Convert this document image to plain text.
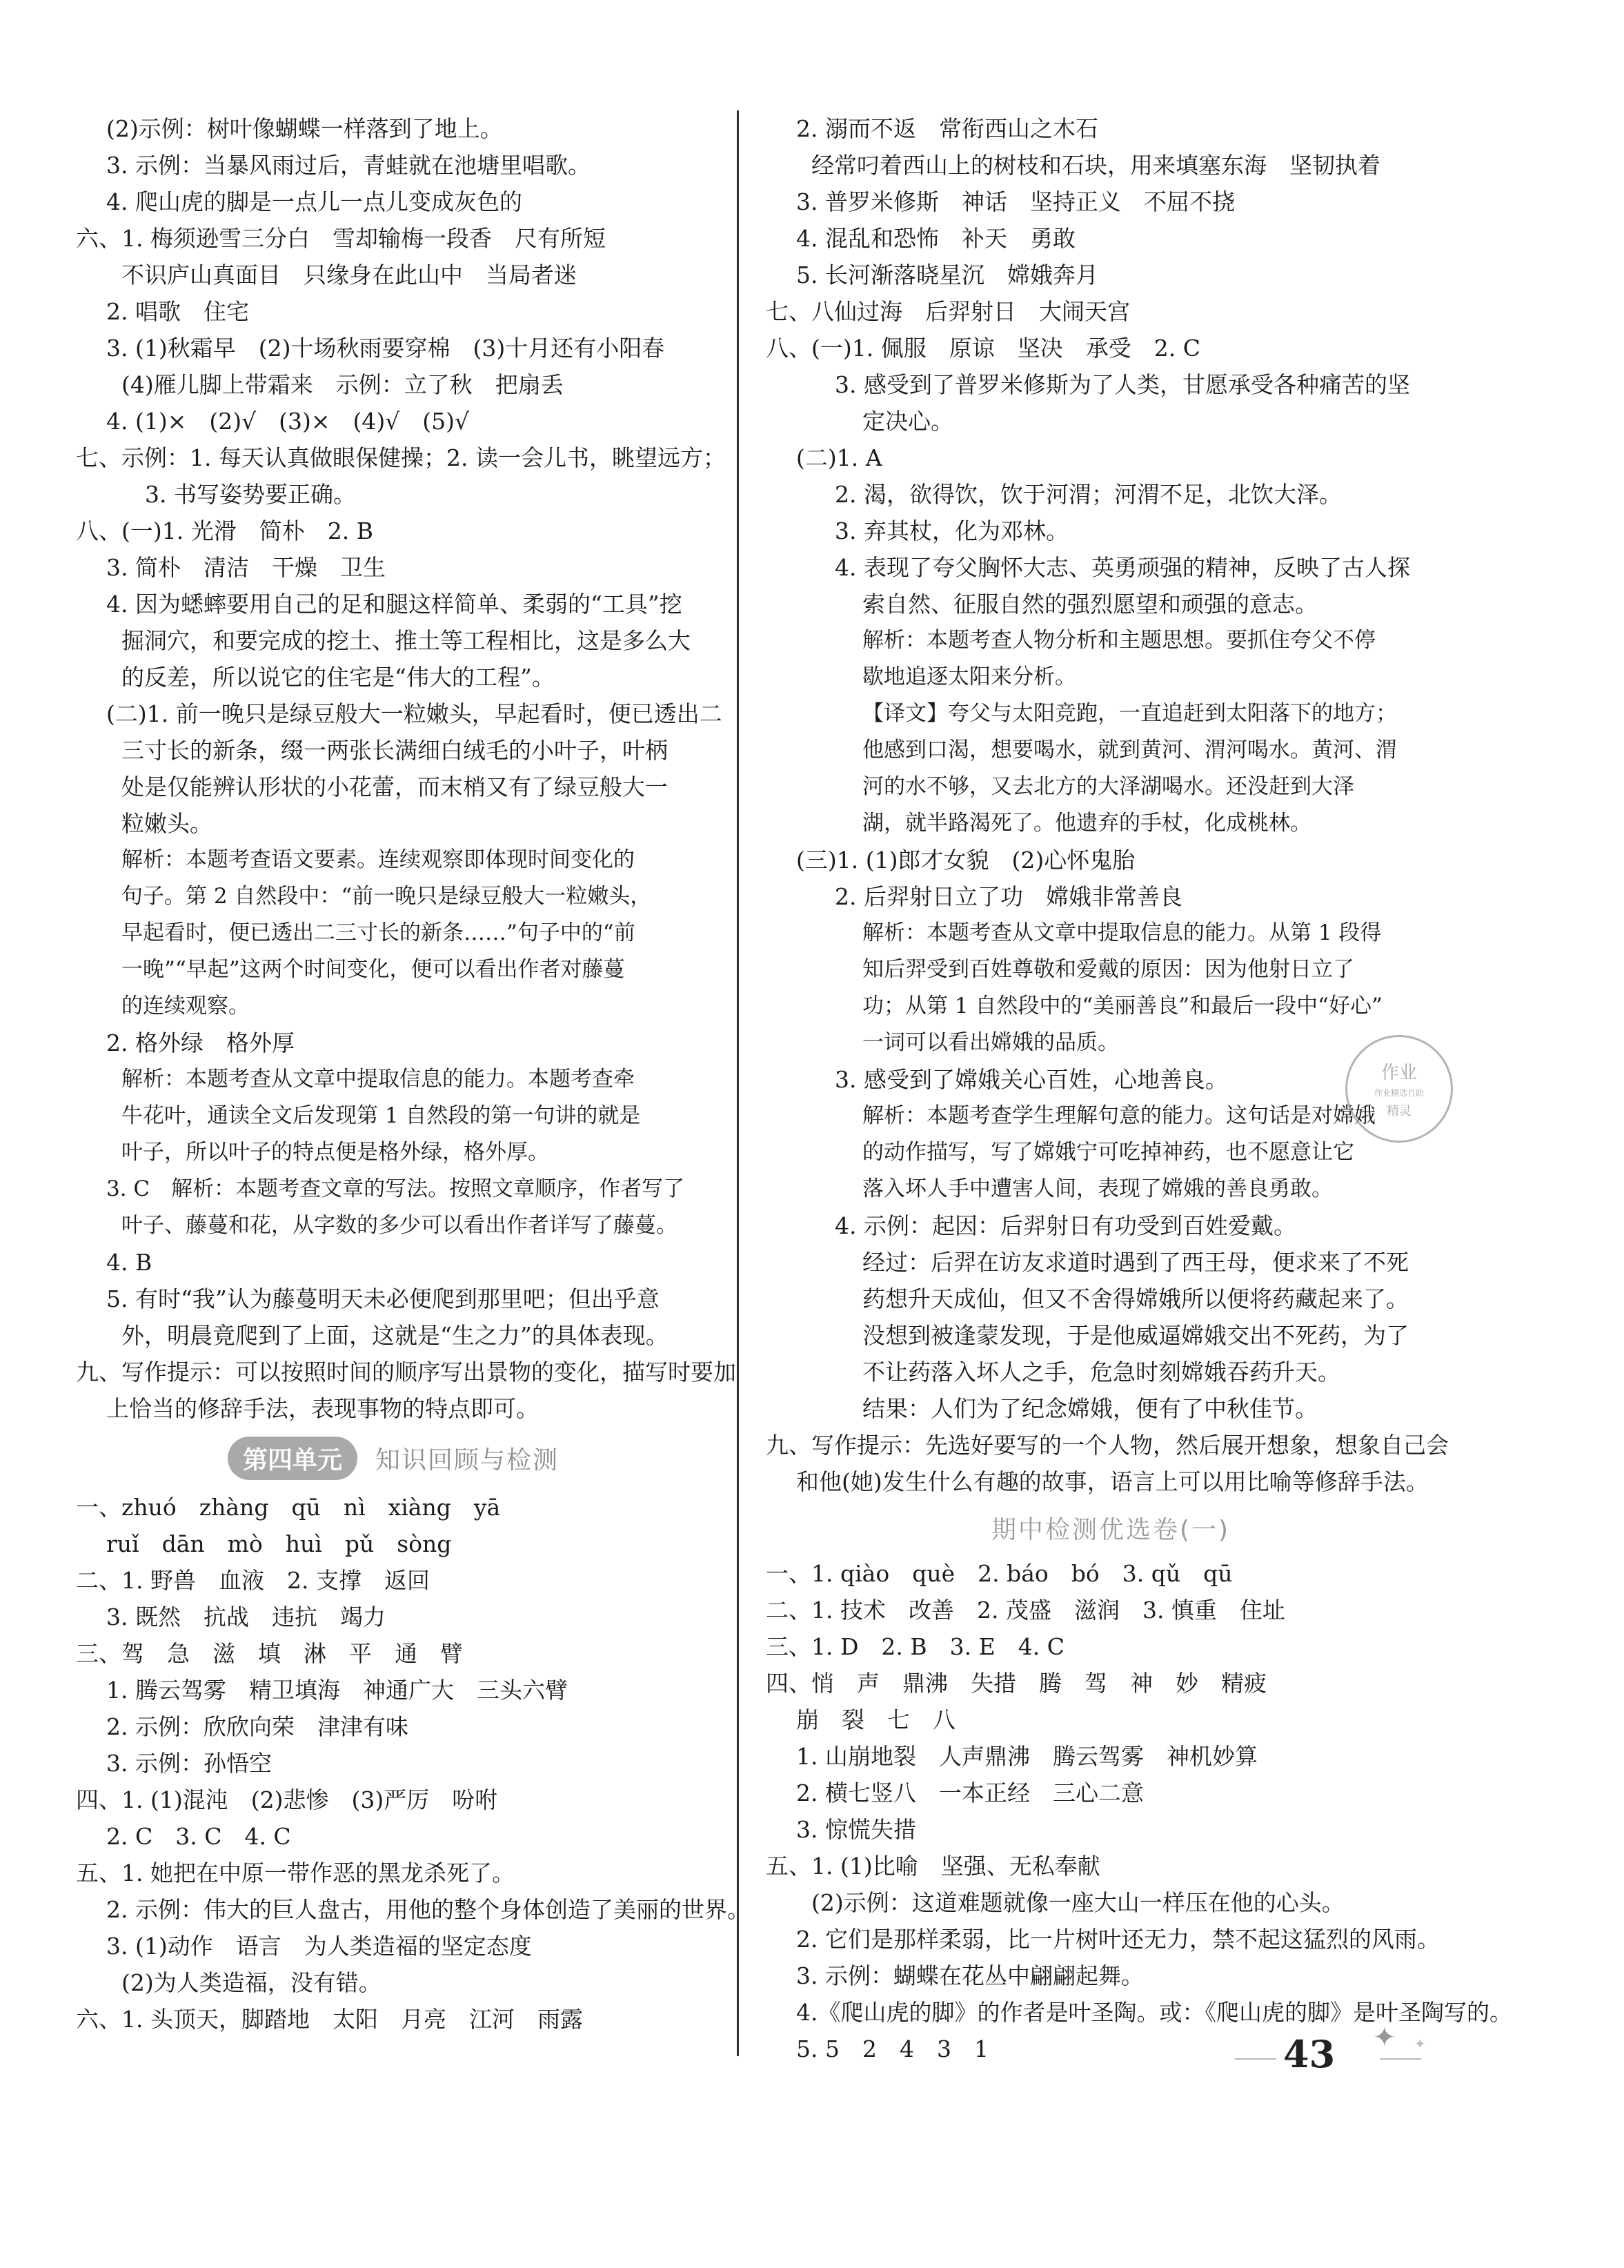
(2)示例：树叶像蝴蝶一样落到了地上。
3. 示例：当暴风雨过后，青蛙就在池塘里唱歌。
4. 爬山虎的脚是一点儿一点儿变成灰色的
六、1. 梅须逊雪三分白　雪却输梅一段香　尺有所短
不识庐山真面目　只缘身在此山中　当局者迷
2. 唱歌　住宅
3. (1)秋霜早　(2)十场秋雨要穿棉　(3)十月还有小阳春
(4)雁儿脚上带霜来　示例：立了秋　把扇丢
4. (1)×　(2)√　(3)×　(4)√　(5)√
七、示例：1. 每天认真做眼保健操；2. 读一会儿书，眺望远方；
3. 书写姿势要正确。
八、(一)1. 光滑　简朴　2. B
3. 简朴　清洁　干燥　卫生
4. 因为蟋蟀要用自己的足和腿这样简单、柔弱的“工具”挖
掘洞穴，和要完成的挖土、推土等工程相比，这是多么大
的反差，所以说它的住宅是“伟大的工程”。
(二)1. 前一晚只是绿豆般大一粒嫩头，早起看时，便已透出二
三寸长的新条，缀一两张长满细白绒毛的小叶子，叶柄
处是仅能辨认形状的小花蕾，而末梢又有了绿豆般大一
粒嫩头。
解析：本题考查语文要素。连续观察即体现时间变化的
句子。第 2 自然段中：“前一晚只是绿豆般大一粒嫩头，
早起看时，便已透出二三寸长的新条……”句子中的“前
一晚”“早起”这两个时间变化，便可以看出作者对藤蔓
的连续观察。
2. 格外绿　格外厚
解析：本题考查从文章中提取信息的能力。本题考查牵
牛花叶，通读全文后发现第 1 自然段的第一句讲的就是
叶子，所以叶子的特点便是格外绿，格外厚。
3. C　解析：本题考查文章的写法。按照文章顺序，作者写了
叶子、藤蔓和花，从字数的多少可以看出作者详写了藤蔓。
4. B
5. 有时“我”认为藤蔓明天未必便爬到那里吧；但出乎意
外，明晨竟爬到了上面，这就是“生之力”的具体表现。
九、写作提示：可以按照时间的顺序写出景物的变化，描写时要加
上恰当的修辞手法，表现事物的特点即可。
第四单元	知识回顾与检测
一、zhuó　zhàng　qū　nì　xiàng　yā
ruǐ　dān　mò　huì　pǔ　sòng
二、1. 野兽　血液　2. 支撑　返回
3. 既然　抗战　违抗　竭力
三、驾　急　滋　填　淋　平　通　臂
1. 腾云驾雾　精卫填海　神通广大　三头六臂
2. 示例：欣欣向荣　津津有味
3. 示例：孙悟空
四、1. (1)混沌　(2)悲惨　(3)严厉　吩咐
2. C　3. C　4. C
五、1. 她把在中原一带作恶的黑龙杀死了。
2. 示例：伟大的巨人盘古，用他的整个身体创造了美丽的世界。
3. (1)动作　语言　为人类造福的坚定态度
(2)为人类造福，没有错。
六、1. 头顶天，脚踏地　太阳　月亮　江河　雨露
2. 溺而不返　常衔西山之木石
经常叼着西山上的树枝和石块，用来填塞东海　坚韧执着
3. 普罗米修斯　神话　坚持正义　不屈不挠
4. 混乱和恐怖　补天　勇敢
5. 长河渐落晓星沉　嫦娥奔月
七、八仙过海　后羿射日　大闹天宫
八、(一)1. 佩服　原谅　坚决　承受　2. C
3. 感受到了普罗米修斯为了人类，甘愿承受各种痛苦的坚
定决心。
(二)1. A
2. 渴，欲得饮，饮于河渭；河渭不足，北饮大泽。
3. 弃其杖，化为邓林。
4. 表现了夸父胸怀大志、英勇顽强的精神，反映了古人探
索自然、征服自然的强烈愿望和顽强的意志。
解析：本题考查人物分析和主题思想。要抓住夸父不停
歇地追逐太阳来分析。
【译文】夸父与太阳竞跑，一直追赶到太阳落下的地方；
他感到口渴，想要喝水，就到黄河、渭河喝水。黄河、渭
河的水不够，又去北方的大泽湖喝水。还没赶到大泽
湖，就半路渴死了。他遗弃的手杖，化成桃林。
(三)1. (1)郎才女貌　(2)心怀鬼胎
2. 后羿射日立了功　嫦娥非常善良
解析：本题考查从文章中提取信息的能力。从第 1 段得
知后羿受到百姓尊敬和爱戴的原因：因为他射日立了
功；从第 1 自然段中的“美丽善良”和最后一段中“好心”
一词可以看出嫦娥的品质。
3. 感受到了嫦娥关心百姓，心地善良。
解析：本题考查学生理解句意的能力。这句话是对嫦娥
的动作描写，写了嫦娥宁可吃掉神药，也不愿意让它
落入坏人手中遭害人间，表现了嫦娥的善良勇敢。
4. 示例：起因：后羿射日有功受到百姓爱戴。
经过：后羿在访友求道时遇到了西王母，便求来了不死
药想升天成仙，但又不舍得嫦娥所以便将药藏起来了。
没想到被逢蒙发现，于是他威逼嫦娥交出不死药，为了
不让药落入坏人之手，危急时刻嫦娥吞药升天。
结果：人们为了纪念嫦娥，便有了中秋佳节。
九、写作提示：先选好要写的一个人物，然后展开想象，想象自己会
和他(她)发生什么有趣的故事，语言上可以用比喻等修辞手法。
期中检测优选卷(一)
一、1. qiào　què　2. báo　bó　3. qǔ　qū
二、1. 技术　改善　2. 茂盛　滋润　3. 慎重　住址
三、1. D　2. B　3. E　4. C
四、悄　声　鼎沸　失措　腾　驾　神　妙　精疲
崩　裂　七　八
1. 山崩地裂　人声鼎沸　腾云驾雾　神机妙算
2. 横七竖八　一本正经　三心二意
3. 惊慌失措
五、1. (1)比喻　坚强、无私奉献
(2)示例：这道难题就像一座大山一样压在他的心头。
2. 它们是那样柔弱，比一片树叶还无力，禁不起这猛烈的风雨。
3. 示例：蝴蝶在花丛中翩翩起舞。
4.《爬山虎的脚》的作者是叶圣陶。或：《爬山虎的脚》是叶圣陶写的。
5. 5　2　4　3　1
作业
作业精选自助
精灵
43 ✦ ✦
